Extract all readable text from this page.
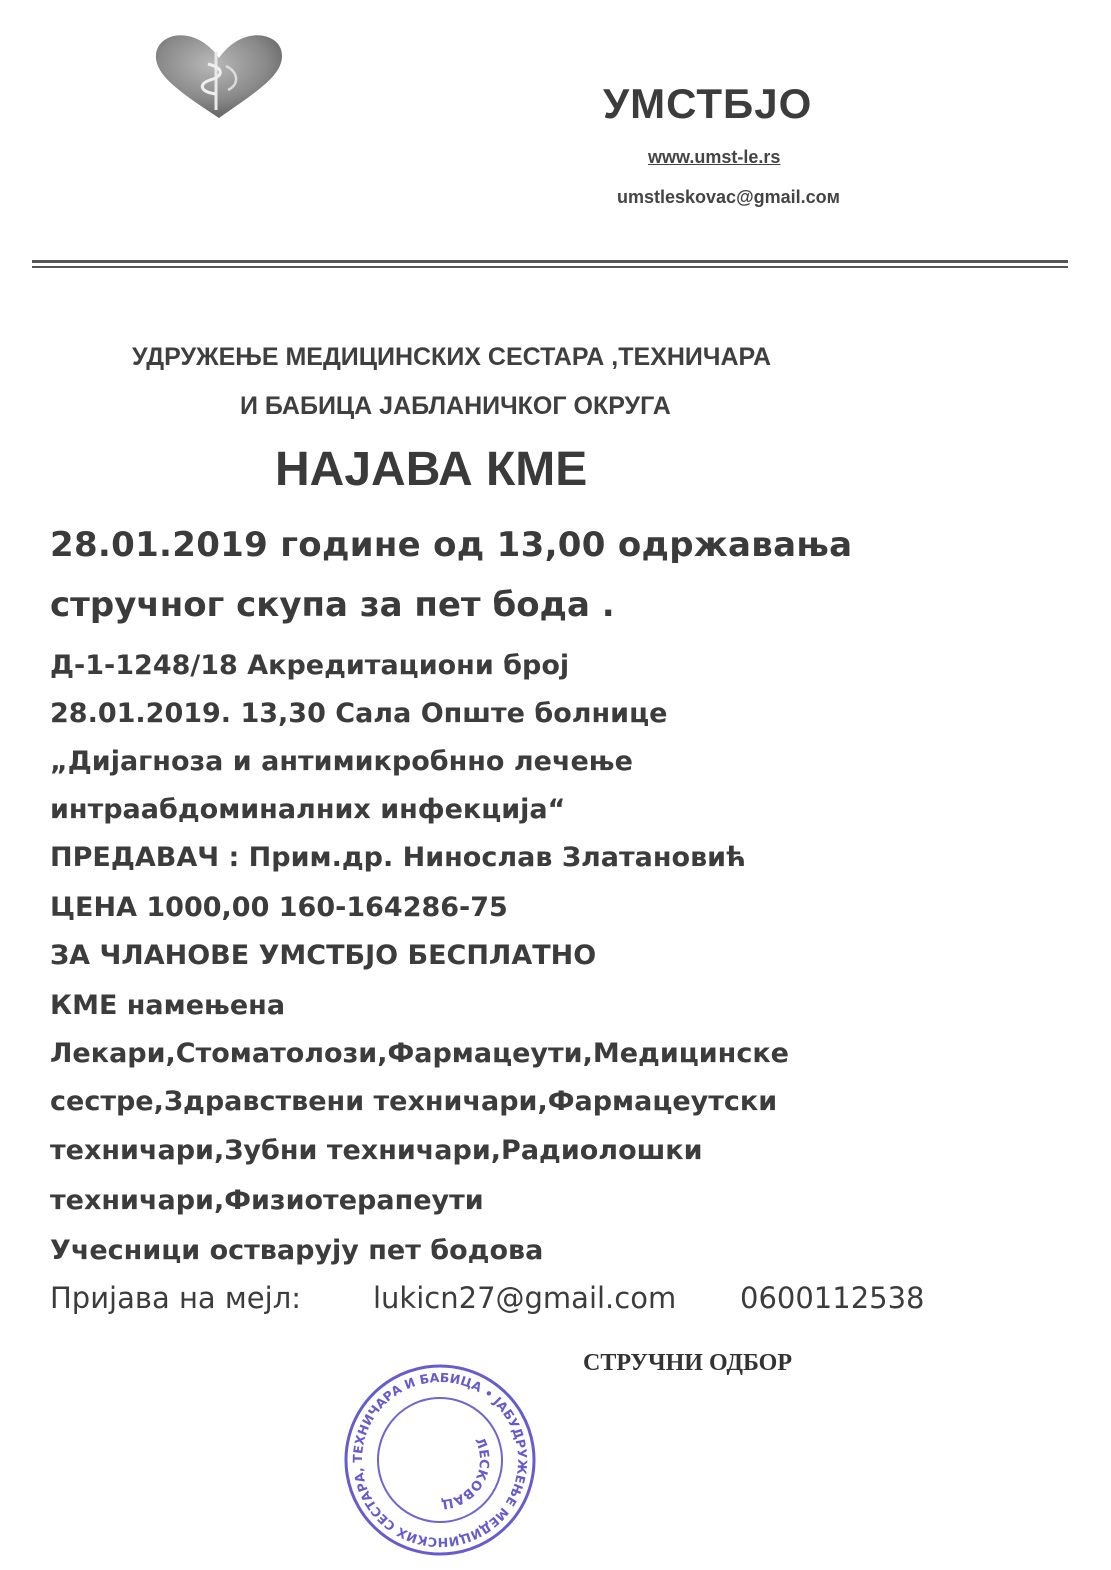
УМСТБЈО
www.umst-le.rs
umstleskovac@gmail.coм
УДРУЖЕЊЕ МЕДИЦИНСКИХ СЕСТАРА ,ТЕХНИЧАРА
И БАБИЦА ЈАБЛАНИЧКОГ ОКРУГА
НАЈАВА КМЕ
28.01.2019 године од 13,00 одржавања
стручног скупа за пет бода .
Д-1-1248/18 Акредитациони број
28.01.2019. 13,30 Сала Опште болнице
„Дијагноза и антимикробнно лечење
интраабдоминалних инфекција“
ПРЕДАВАЧ : Прим.др. Нинослав Златановић
ЦЕНА 1000,00 160-164286-75
ЗА ЧЛАНОВЕ УМСТБЈО БЕСПЛАТНО
КМЕ намењена
Лекари,Стоматолози,Фармацеути,Медицинске
сестре,Здравствени техничари,Фармацеутски
техничари,Зубни техничари,Радиолошки
техничари,Физиотерапеути
Учесници остварују пет бодова
Пријава на мејл: lukicn27@gmail.com 0600112538
СТРУЧНИ ОДБОР
УДРУЖЕЊЕ МЕДИЦИНСКИХ СЕСТАРА, ТЕХНИЧАРА И БАБИЦА • ЈАБЛАНИЧКОГ
ЛЕСКОВАЦ
